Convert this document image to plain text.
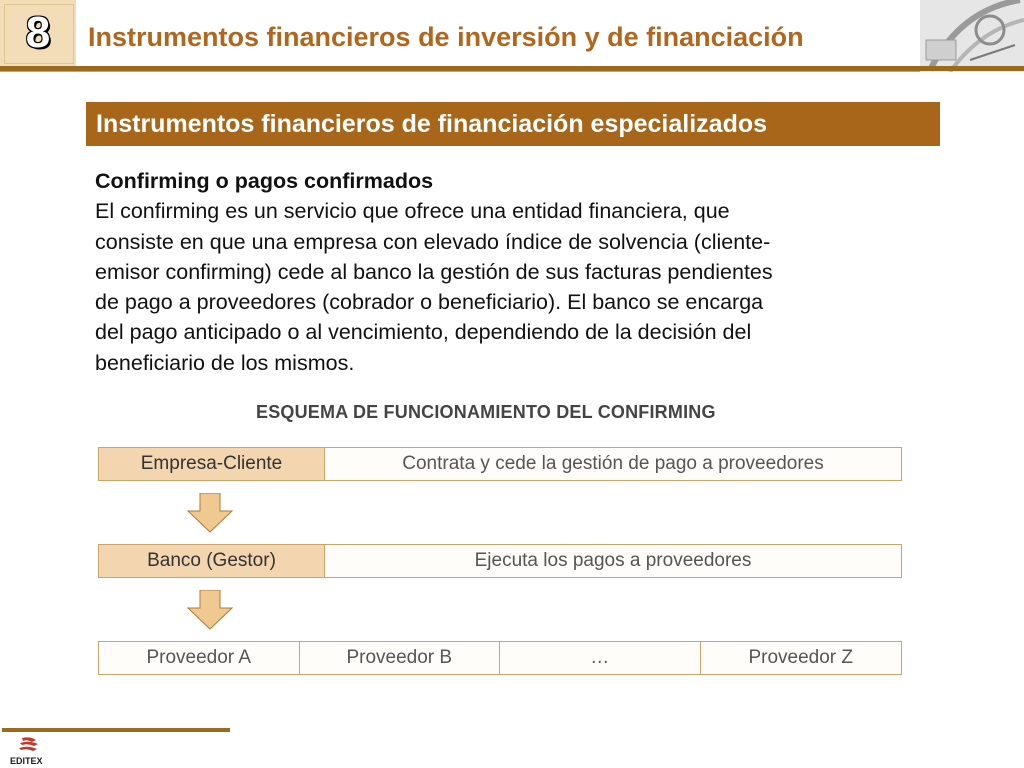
8 Instrumentos financieros de inversión y de financiación
Instrumentos financieros de financiación especializados
Confirming o pagos confirmados
El confirming es un servicio que ofrece una entidad financiera, que
consiste en que una empresa con elevado índice de solvencia (cliente-
emisor confirming) cede al banco la gestión de sus facturas pendientes
de pago a proveedores (cobrador o beneficiario). El banco se encarga
del pago anticipado o al vencimiento, dependiendo de la decisión del
beneficiario de los mismos.
ESQUEMA DE FUNCIONAMIENTO DEL CONFIRMING
Empresa-Cliente	Contrata y cede la gestión de pago a proveedores
Banco (Gestor)	Ejecuta los pagos a proveedores
Proveedor A	Proveedor B	…	Proveedor Z
EDITEX
